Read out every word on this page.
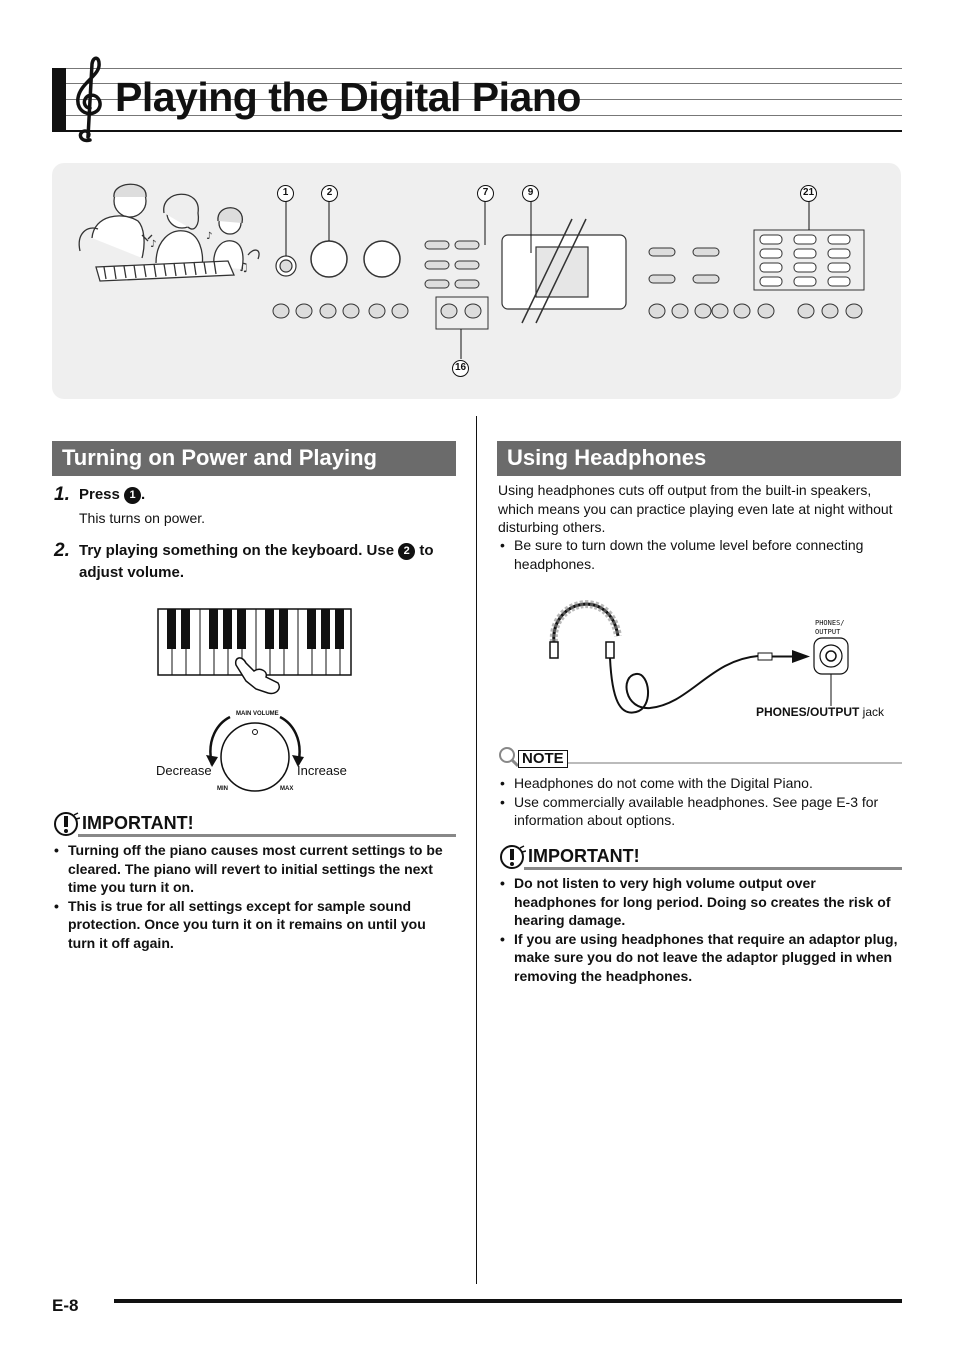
Playing the Digital Piano
♫
♪
♪
1	2	7	9	21
16
Turning on Power and Playing
1. Press 1 .
This turns on power.
2. Try playing something on the keyboard. Use 2 to adjust volume.
MAIN VOLUME
MIN	MAX
Decrease	Increase
IMPORTANT!
• Turning off the piano causes most current settings to be cleared. The piano will revert to initial settings the next time you turn it on.
• This is true for all settings except for sample sound protection. Once you turn it on it remains on until you turn it off again.
Using Headphones
Using headphones cuts off output from the built-in speakers, which means you can practice playing even late at night without disturbing others.
• Be sure to turn down the volume level before connecting headphones.
PHONES/
OUTPUT
PHONES/OUTPUT jack
NOTE
• Headphones do not come with the Digital Piano.
• Use commercially available headphones. See page E-3 for information about options.
IMPORTANT!
• Do not listen to very high volume output over headphones for long period. Doing so creates the risk of hearing damage.
• If you are using headphones that require an adaptor plug, make sure you do not leave the adaptor plugged in when removing the headphones.
E-8
